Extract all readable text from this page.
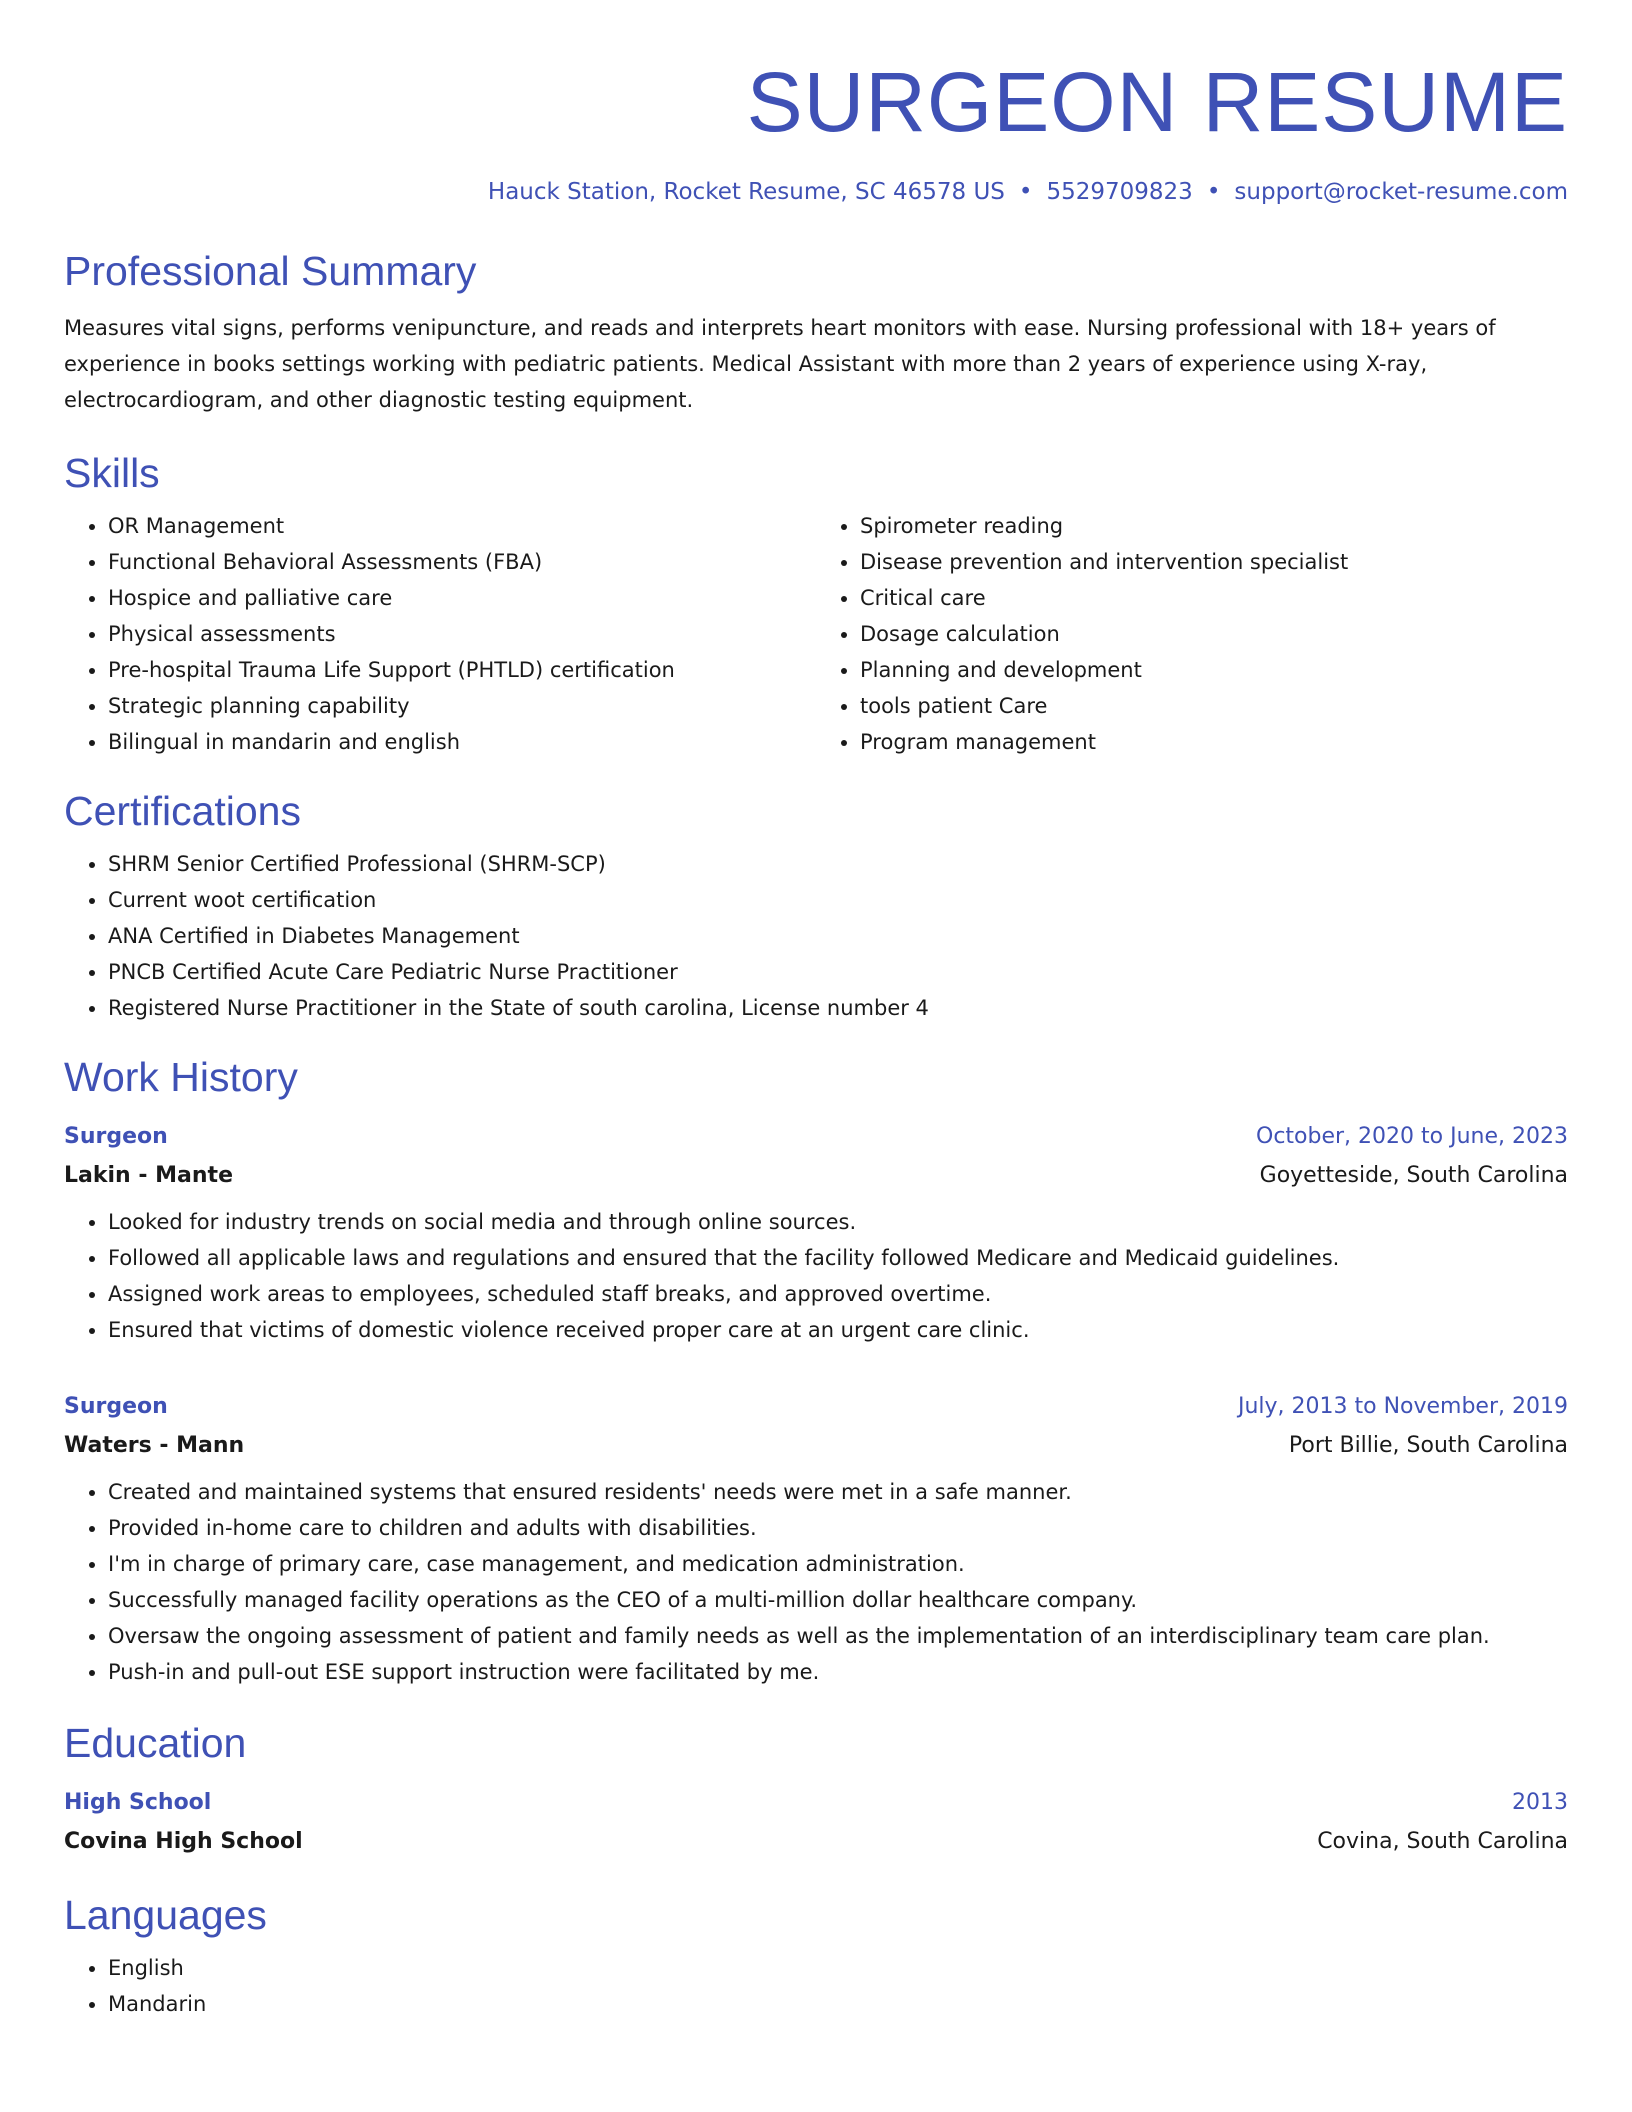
SURGEON RESUME
Hauck Station, Rocket Resume, SC 46578 US • 5529709823 • support@rocket-resume.com
Professional Summary

Measures vital signs, performs venipuncture, and reads and interprets heart monitors with ease. Nursing professional with 18+ years of experience in books settings working with pediatric patients. Medical Assistant with more than 2 years of experience using X-ray, electrocardiogram, and other diagnostic testing equipment.

Skills
• OR Management
• Functional Behavioral Assessments (FBA)
• Hospice and palliative care
• Physical assessments
• Pre-hospital Trauma Life Support (PHTLD) certification
• Strategic planning capability
• Bilingual in mandarin and english
• Spirometer reading
• Disease prevention and intervention specialist
• Critical care
• Dosage calculation
• Planning and development
• tools patient Care
• Program management
Certifications
• SHRM Senior Certified Professional (SHRM-SCP)
• Current woot certification
• ANA Certified in Diabetes Management
• PNCB Certified Acute Care Pediatric Nurse Practitioner
• Registered Nurse Practitioner in the State of south carolina, License number 4
Work History
Surgeon	October, 2020 to June, 2023
Lakin - Mante	Goyetteside, South Carolina
• Looked for industry trends on social media and through online sources.
• Followed all applicable laws and regulations and ensured that the facility followed Medicare and Medicaid guidelines.
• Assigned work areas to employees, scheduled staff breaks, and approved overtime.
• Ensured that victims of domestic violence received proper care at an urgent care clinic.
Surgeon	July, 2013 to November, 2019
Waters - Mann	Port Billie, South Carolina
• Created and maintained systems that ensured residents' needs were met in a safe manner.
• Provided in-home care to children and adults with disabilities.
• I'm in charge of primary care, case management, and medication administration.
• Successfully managed facility operations as the CEO of a multi-million dollar healthcare company.
• Oversaw the ongoing assessment of patient and family needs as well as the implementation of an interdisciplinary team care plan.
• Push-in and pull-out ESE support instruction were facilitated by me.
Education
High School	2013
Covina High School	Covina, South Carolina
Languages
• English
• Mandarin
